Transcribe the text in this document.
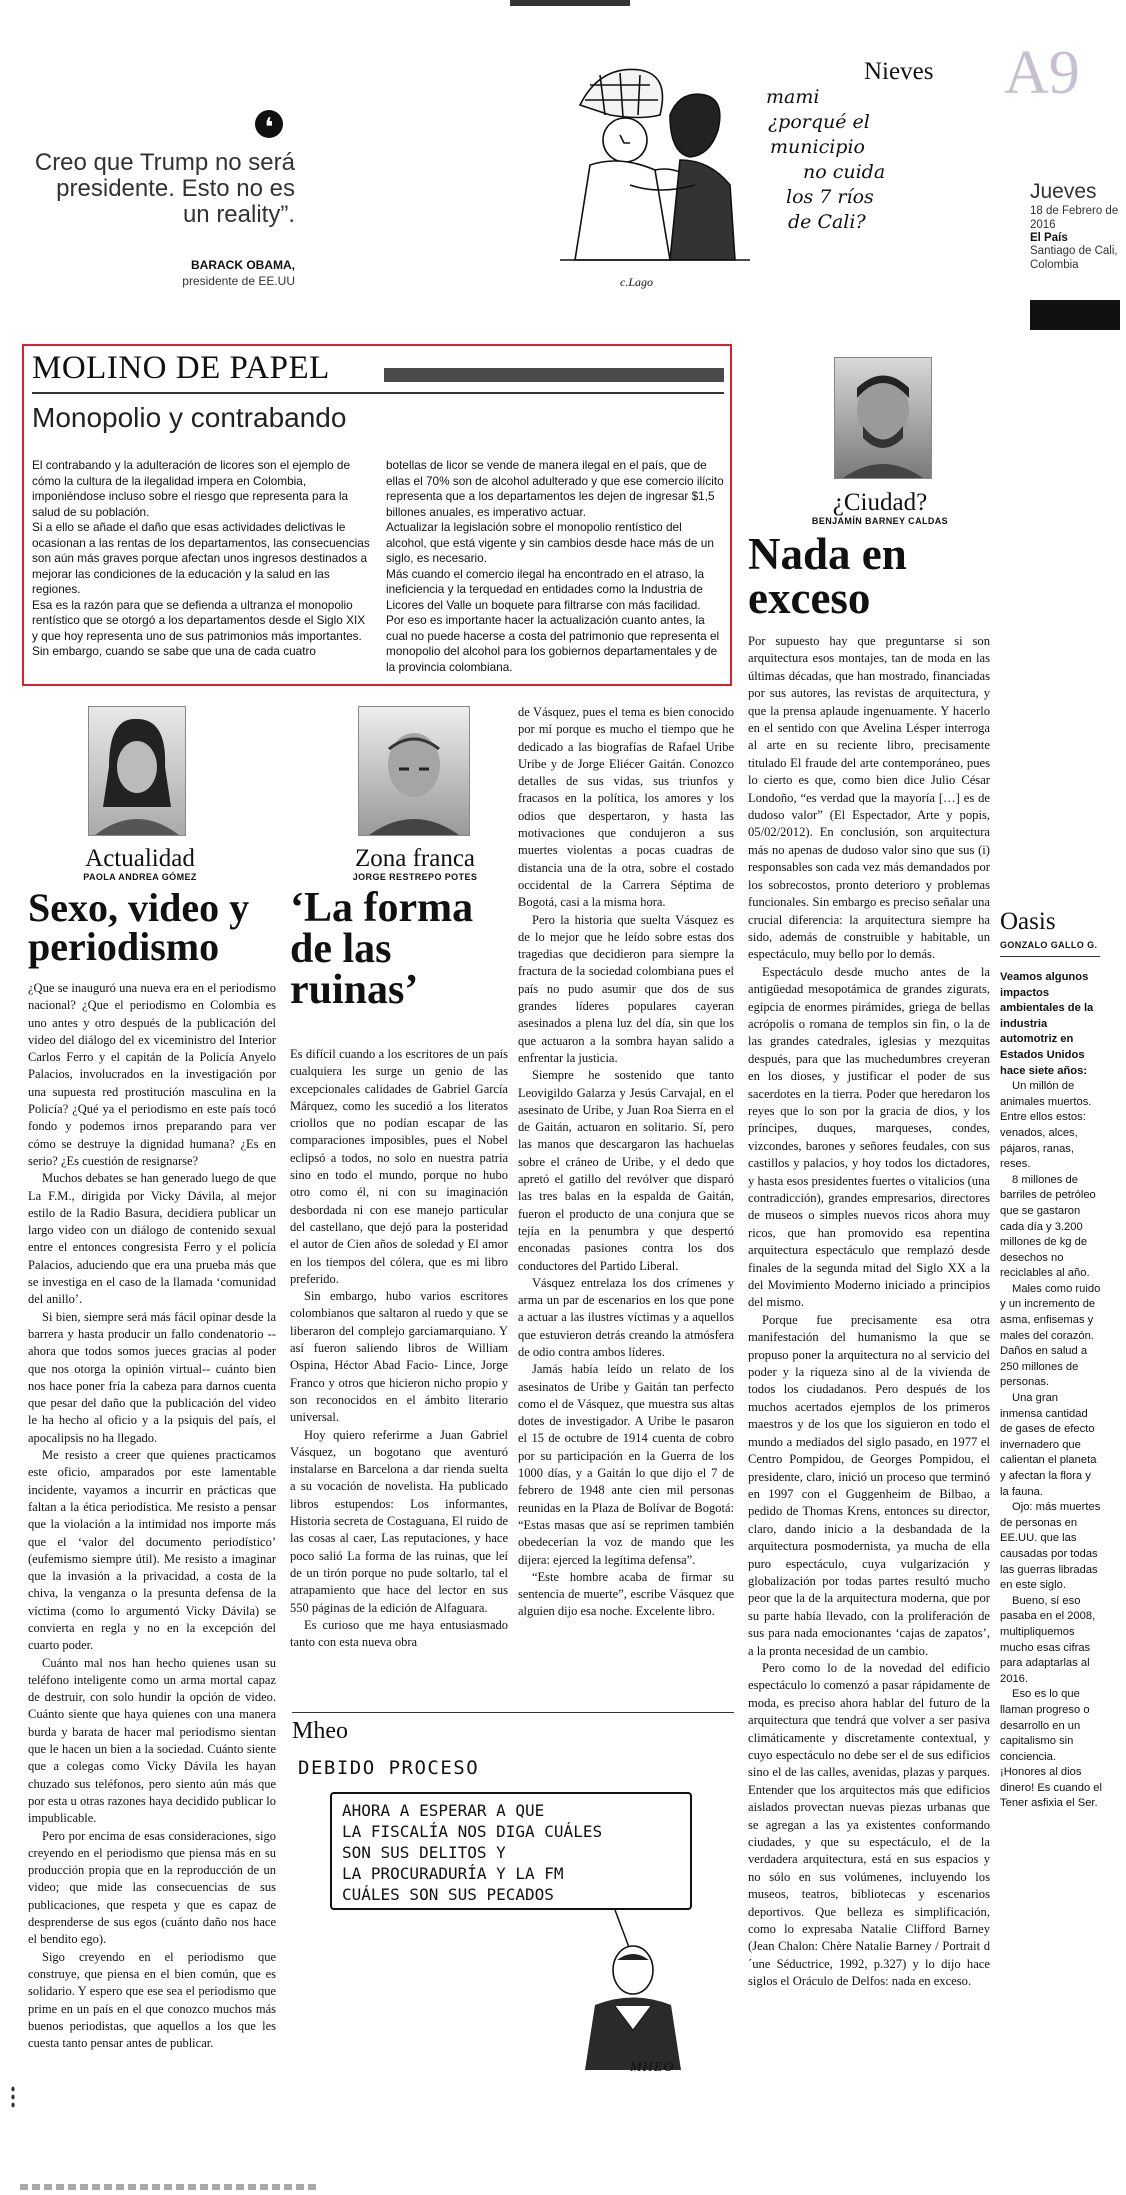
❛
Creo que Trump no será presidente. Esto no es un reality”.
BARACK OBAMA,
presidente de EE.UU
mami
¿porqué el
municipio
no cuida
los 7 ríos
de Cali?
c.Lago
Nieves A9
Jueves
18 de Febrero de 2016
El País
Santiago de Cali, Colombia
MOLINO DE PAPEL
Monopolio y contrabando
El contrabando y la adulteración de licores son el ejemplo de cómo la cultura de la ilegalidad impera en Colombia, imponiéndose incluso sobre el riesgo que representa para la salud de su población.
Si a ello se añade el daño que esas actividades delictivas le ocasionan a las rentas de los departamentos, las consecuencias son aún más graves porque afectan unos ingresos destinados a mejorar las condiciones de la educación y la salud en las regiones.
Esa es la razón para que se defienda a ultranza el monopolio rentístico que se otorgó a los departamentos desde el Siglo XIX y que hoy representa uno de sus patrimonios más importantes.
Sin embargo, cuando se sabe que una de cada cuatro
botellas de licor se vende de manera ilegal en el país, que de ellas el 70% son de alcohol adulterado y que ese comercio ilícito representa que a los departamentos les dejen de ingresar $1,5 billones anuales, es imperativo actuar.
Actualizar la legislación sobre el monopolio rentístico del alcohol, que está vigente y sin cambios desde hace más de un siglo, es necesario.
Más cuando el comercio ilegal ha encontrado en el atraso, la ineficiencia y la terquedad en entidades como la Industria de Licores del Valle un boquete para filtrarse con más facilidad.
Por eso es importante hacer la actualización cuanto antes, la cual no puede hacerse a costa del patrimonio que representa el monopolio del alcohol para los gobiernos departamentales y de la provincia colombiana.
¿Ciudad?
BENJAMÍN BARNEY CALDAS
Nada en exceso

Por supuesto hay que preguntarse si son arquitectura esos montajes, tan de moda en las últimas décadas, que han mostrado, financiadas por sus autores, las revistas de arquitectura, y que la prensa aplaude ingenuamente. Y hacerlo en el sentido con que Avelina Lésper interroga al arte en su reciente libro, precisamente titulado El fraude del arte contemporáneo, pues lo cierto es que, como bien dice Julio César Londoño, “es verdad que la mayoría […] es de dudoso valor” (El Espectador, Arte y popis, 05/02/2012). En conclusión, son arquitectura más no apenas de dudoso valor sino que sus (i) responsables son cada vez más demandados por los sobrecostos, pronto deterioro y problemas funcionales. Sin embargo es preciso señalar una crucial diferencia: la arquitectura siempre ha sido, además de construible y habitable, un espectáculo, muy bello por lo demás.

Espectáculo desde mucho antes de la antigüedad mesopotámica de grandes zigurats, egipcia de enormes pirámides, griega de bellas acrópolis o romana de templos sin fin, o la de las grandes catedrales, iglesias y mezquitas después, para que las muchedumbres creyeran en los dioses, y justificar el poder de sus sacerdotes en la tierra. Poder que heredaron los reyes que lo son por la gracia de dios, y los príncipes, duques, marqueses, condes, vizcondes, barones y señores feudales, con sus castillos y palacios, y hoy todos los dictadores, y hasta esos presidentes fuertes o vitalicios (una contradicción), grandes empresarios, directores de museos o simples nuevos ricos ahora muy ricos, que han promovido esa repentina arquitectura espectáculo que remplazó desde finales de la segunda mitad del Siglo XX a la del Movimiento Moderno iniciado a principios del mismo.

Porque fue precisamente esa otra manifestación del humanismo la que se propuso poner la arquitectura no al servicio del poder y la riqueza sino al de la vivienda de todos los ciudadanos. Pero después de los muchos acertados ejemplos de los primeros maestros y de los que los siguieron en todo el mundo a mediados del siglo pasado, en 1977 el Centro Pompidou, de Georges Pompidou, el presidente, claro, inició un proceso que terminó en 1997 con el Guggenheim de Bilbao, a pedido de Thomas Krens, entonces su director, claro, dando inicio a la desbandada de la arquitectura posmodernista, ya mucha de ella puro espectáculo, cuya vulgarización y globalización por todas partes resultó mucho peor que la de la arquitectura moderna, que por su parte había llevado, con la proliferación de sus para nada emocionantes ‘cajas de zapatos’, a la pronta necesidad de un cambio.

Pero como lo de la novedad del edificio espectáculo lo comenzó a pasar rápidamente de moda, es preciso ahora hablar del futuro de la arquitectura que tendrá que volver a ser pasiva climáticamente y discretamente contextual, y cuyo espectáculo no debe ser el de sus edificios sino el de las calles, avenidas, plazas y parques. Entender que los arquitectos más que edificios aislados provectan nuevas piezas urbanas que se agregan a las ya existentes conformando ciudades, y que su espectáculo, el de la verdadera arquitectura, está en sus espacios y no sólo en sus volúmenes, incluyendo los museos, teatros, bibliotecas y escenarios deportivos. Que belleza es simplificación, como lo expresaba Natalie Clifford Barney (Jean Chalon: Chère Natalie Barney / Portrait d´une Séductrice, 1992, p.327) y lo dijo hace siglos el Oráculo de Delfos: nada en exceso.

Oasis
GONZALO GALLO G.
Veamos algunos impactos ambientales de la industria automotriz en Estados Unidos hace siete años:

Un millón de animales muertos. Entre ellos estos: venados, alces, pájaros, ranas, reses.

8 millones de barriles de petróleo que se gastaron cada día y 3.200 millones de kg de desechos no reciclables al año.

Males como ruido y un incremento de asma, enfisemas y males del corazón. Daños en salud a 250 millones de personas.

Una gran inmensa cantidad de gases de efecto invernadero que calientan el planeta y afectan la flora y la fauna.

Ojo: más muertes de personas en EE.UU. que las causadas por todas las guerras libradas en este siglo.

Bueno, sí eso pasaba en el 2008, multipliquemos mucho esas cifras para adaptarlas al 2016.

Eso es lo que llaman progreso o desarrollo en un capitalismo sin conciencia. ¡Honores al dios dinero! Es cuando el Tener asfixia el Ser.

Actualidad
PAOLA ANDREA GÓMEZ
Sexo, video y periodismo

¿Que se inauguró una nueva era en el periodismo nacional? ¿Que el periodismo en Colombia es uno antes y otro después de la publicación del video del diálogo del ex viceministro del Interior Carlos Ferro y el capitán de la Policía Anyelo Palacios, involucrados en la investigación por una supuesta red prostitución masculina en la Policía? ¿Qué ya el periodismo en este país tocó fondo y podemos irnos preparando para ver cómo se destruye la dignidad humana? ¿Es en serio? ¿Es cuestión de resignarse?

Muchos debates se han generado luego de que La F.M., dirigida por Vicky Dávila, al mejor estilo de la Radio Basura, decidiera publicar un largo video con un diálogo de contenido sexual entre el entonces congresista Ferro y el policía Palacios, aduciendo que era una prueba más que se investiga en el caso de la llamada ‘comunidad del anillo’.

Si bien, siempre será más fácil opinar desde la barrera y hasta producir un fallo condenatorio --ahora que todos somos jueces gracias al poder que nos otorga la opinión virtual-- cuánto bien nos hace poner fría la cabeza para darnos cuenta que pesar del daño que la publicación del video le ha hecho al oficio y a la psiquis del país, el apocalipsis no ha llegado.

Me resisto a creer que quienes practicamos este oficio, amparados por este lamentable incidente, vayamos a incurrir en prácticas que faltan a la ética periodística. Me resisto a pensar que la violación a la intimidad nos importe más que el ‘valor del documento periodístico’ (eufemismo siempre útil). Me resisto a imaginar que la invasión a la privacidad, a costa de la chiva, la venganza o la presunta defensa de la víctima (como lo argumentó Vicky Dávila) se convierta en regla y no en la excepción del cuarto poder.

Cuánto mal nos han hecho quienes usan su teléfono inteligente como un arma mortal capaz de destruir, con solo hundir la opción de video. Cuánto siente que haya quienes con una manera burda y barata de hacer mal periodismo sientan que le hacen un bien a la sociedad. Cuánto siente que a colegas como Vicky Dávila les hayan chuzado sus teléfonos, pero siento aún más que por esta u otras razones haya decidido publicar lo impublicable.

Pero por encima de esas consideraciones, sigo creyendo en el periodismo que piensa más en su producción propia que en la reproducción de un video; que mide las consecuencias de sus publicaciones, que respeta y que es capaz de desprenderse de sus egos (cuánto daño nos hace el bendito ego).

Sigo creyendo en el periodismo que construye, que piensa en el bien común, que es solidario. Y espero que ese sea el periodismo que prime en un país en el que conozco muchos más buenos periodistas, que aquellos a los que les cuesta tanto pensar antes de publicar.

Zona franca
JORGE RESTREPO POTES
‘La forma de las ruinas’

Es difícil cuando a los escritores de un país cualquiera les surge un genio de las excepcionales calidades de Gabriel García Márquez, como les sucedió a los literatos criollos que no podían escapar de las comparaciones imposibles, pues el Nobel eclipsó a todos, no solo en nuestra patria sino en todo el mundo, porque no hubo otro como él, ni con su imaginación desbordada ni con ese manejo particular del castellano, que dejó para la posteridad el autor de Cien años de soledad y El amor en los tiempos del cólera, que es mi libro preferido.

Sin embargo, hubo varios escritores colombianos que saltaron al ruedo y que se liberaron del complejo garciamarquiano. Y así fueron saliendo libros de William Ospina, Héctor Abad Facio- Lince, Jorge Franco y otros que hicieron nicho propio y son reconocidos en el ámbito literario universal.

Hoy quiero referirme a Juan Gabriel Vásquez, un bogotano que aventuró instalarse en Barcelona a dar rienda suelta a su vocación de novelista. Ha publicado libros estupendos: Los informantes, Historia secreta de Costaguana, El ruido de las cosas al caer, Las reputaciones, y hace poco salió La forma de las ruinas, que leí de un tirón porque no pude soltarlo, tal el atrapamiento que hace del lector en sus 550 páginas de la edición de Alfaguara.

Es curioso que me haya entusiasmado tanto con esta nueva obra

de Vásquez, pues el tema es bien conocido por mí porque es mucho el tiempo que he dedicado a las biografías de Rafael Uribe Uribe y de Jorge Eliécer Gaitán. Conozco detalles de sus vidas, sus triunfos y fracasos en la política, los amores y los odios que despertaron, y hasta las motivaciones que condujeron a sus muertes violentas a pocas cuadras de distancia una de la otra, sobre el costado occidental de la Carrera Séptima de Bogotá, casi a la misma hora.

Pero la historia que suelta Vásquez es de lo mejor que he leído sobre estas dos tragedias que decidieron para siempre la fractura de la sociedad colombiana pues el país no pudo asumir que dos de sus grandes líderes populares cayeran asesinados a plena luz del día, sin que los que actuaron a la sombra hayan salido a enfrentar la justicia.

Siempre he sostenido que tanto Leovigildo Galarza y Jesús Carvajal, en el asesinato de Uribe, y Juan Roa Sierra en el de Gaitán, actuaron en solitario. Sí, pero las manos que descargaron las hachuelas sobre el cráneo de Uribe, y el dedo que apretó el gatillo del revólver que disparó las tres balas en la espalda de Gaitán, fueron el producto de una conjura que se tejía en la penumbra y que despertó enconadas pasiones contra los dos conductores del Partido Liberal.

Vásquez entrelaza los dos crímenes y arma un par de escenarios en los que pone a actuar a las ilustres víctimas y a aquellos que estuvieron detrás creando la atmósfera de odio contra ambos líderes.

Jamás había leído un relato de los asesinatos de Uribe y Gaitán tan perfecto como el de Vásquez, que muestra sus altas dotes de investigador. A Uribe le pasaron el 15 de octubre de 1914 cuenta de cobro por su participación en la Guerra de los 1000 días, y a Gaitán lo que dijo el 7 de febrero de 1948 ante cien mil personas reunidas en la Plaza de Bolívar de Bogotá: “Estas masas que así se reprimen también obedecerían la voz de mando que les dijera: ejerced la legítima defensa”.

“Este hombre acaba de firmar su sentencia de muerte”, escribe Vásquez que alguien dijo esa noche. Excelente libro.

Mheo
DEBIDO PROCESO
AHORA A ESPERAR A QUE
LA FISCALÍA NOS DIGA CUÁLES
SON SUS DELITOS Y
LA PROCURADURÍA Y LA FM
CUÁLES SON SUS PECADOS
MHEO
